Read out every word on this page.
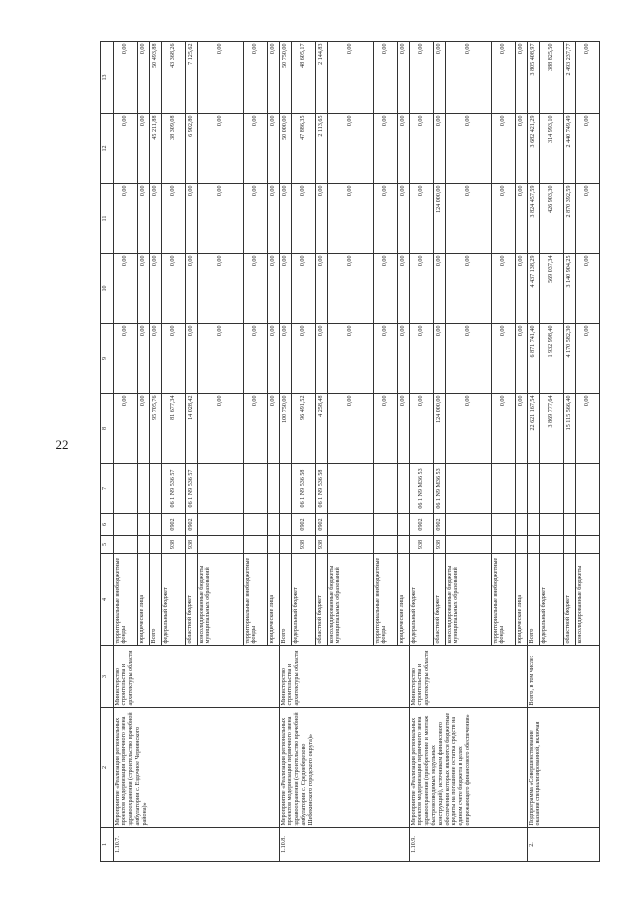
22
1	2	3	4	5	6	7	8	9	10	11	12	13
1.10.7.	Мероприятие «Реализация региональных проектов модернизации первичного звена здравоохранения (строительство врачебной амбулатории с. Ездочное Чернянского района)»	Министерство строительства и архитектуры области	территориальные внебюджетные фонды				0,00	0,00	0,00	0,00	0,00	0,00
			юридические лица				0,00	0,00	0,00	0,00	0,00	0,00
			Всего				95 705,76	0,00	0,00	0,00	45 211,88	50 493,88
			федеральный бюджет	938	0902	06 1 N9 536 57	81 677,34	0,00	0,00	0,00	38 309,08	43 368,26
			областной бюджет	938	0902	06 1 N9 536 57	14 028,42	0,00	0,00	0,00	6 902,80	7 125,62
			консолидированные бюджеты муниципальных образований				0,00	0,00	0,00	0,00	0,00	0,00
			территориальные внебюджетные фонды				0,00	0,00	0,00	0,00	0,00	0,00
			юридические лица				0,00	0,00	0,00	0,00	0,00	0,00
1.10.8.	Мероприятие «Реализация региональных проектов модернизации первичного звена здравоохранения (строительство врачебной амбулатории с. Среднеберезово Шебекинского городского округа)»	Министерство строительства и архитектуры области	Всего				100 750,00	0,00	0,00	0,00	50 000,00	50 750,00
			федеральный бюджет	938	0902	06 1 N9 536 58	96 491,52	0,00	0,00	0,00	47 886,35	48 605,17
			областной бюджет	938	0902	06 1 N9 536 58	4 258,48	0,00	0,00	0,00	2 113,65	2 144,83
			консолидированные бюджеты муниципальных образований				0,00	0,00	0,00	0,00	0,00	0,00
			территориальные внебюджетные фонды				0,00	0,00	0,00	0,00	0,00	0,00
			юридические лица				0,00	0,00	0,00	0,00	0,00	0,00
1.10.9.	Мероприятие «Реализация региональных проектов модернизации первичного звена здравоохранения (приобретение и монтаж быстровозводимых модульных конструкций), источником финансового обеспечения которых являются бюджетные кредиты на погашение остатка средств на едином счете бюджета в целях опережающего финансового обеспечения»	Министерство строительства и архитектуры области	федеральный бюджет	938	0902	06 1 N9 М36 53	0,00	0,00	0,00	0,00	0,00	0,00
			областной бюджет	938	0902	06 1 N9 М36 53	124 000,00	0,00	0,00	124 000,00	0,00	0,00
			консолидированные бюджеты муниципальных образований				0,00	0,00	0,00	0,00	0,00	0,00
			территориальные внебюджетные фонды				0,00	0,00	0,00	0,00	0,00	0,00
			юридические лица				0,00	0,00	0,00	0,00	0,00	0,00
2.	Подпрограмма «Совершенствование оказания специализированной, включая	Всего, в том числе:	Всего				22 621 167,54	6 871 741,40	4 437 138,29	3 824 457,59	3 682 421,29	3 805 408,97
			федеральный бюджет				3 869 777,64	1 932 998,40	569 037,34	426 903,30	314 993,10	388 825,50
			областной бюджет				15 115 566,40	4 170 582,30	3 140 904,25	2 870 392,59	2 440 749,49	2 493 237,77
			консолидированные бюджеты				0,00	0,00	0,00	0,00	0,00	0,00
